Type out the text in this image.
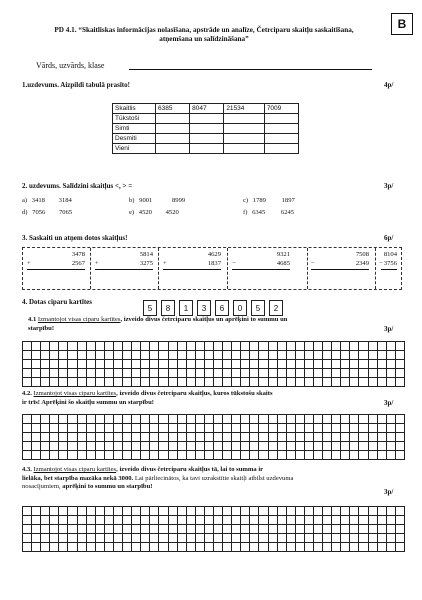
B
PD 4.1. “Skaitliskas informācijas nolasīšana, apstrāde un analīze, Četrciparu skaitļu saskaitīšana,
atņemšana un salīdzināšana”
Vārds, uzvārds, klase
1.uzdevums. Aizpildi tabulā prasīto!	4p/
Skaitlis	6385	8047	21534	7009
Tūkstoši				
Simti				
Desmiti				
Vieni				
2. uzdevums. Salīdzini skaitļus <, > =	3p/
a) 3418 3184	b) 9001	8999	c) 1789 1897
d) 7056 7065	e) 4520 4520	f) 6345 6245
3. Saskaiti un atņem dotos skaitļus!	6p/
3478
+	2567
5814
+	3275
4629
+	1837
9321
−	4685
7508
−	2349
8104
− 3756
4. Dotas ciparu kartītes
5	8	1	3	6	0	5	2
4.1 Izmantojot visas ciparu kartītes, izveido divus četrciparu skaitļus un aprēķini to summu un
starpību!	3p/

4.2. Izmantojot visas ciparu kartītes, izveido divus četrciparu skaitļus, kuros tūkstošu skaits
ir trīs! Aprēķini šo skaitļu summu un starpību!	3p/

4.3. Izmantojot visas ciparu kartītes, izveido divus četrciparu skaitļus tā, lai to summa ir
lielāka, bet starpība mazāka nekā 3000. Lai pārliecinātos, ka tavi uzrakstītie skaitļi atbilst uzdevuma
nosacījumiem, aprēķini to summu un starpību!
3p/
